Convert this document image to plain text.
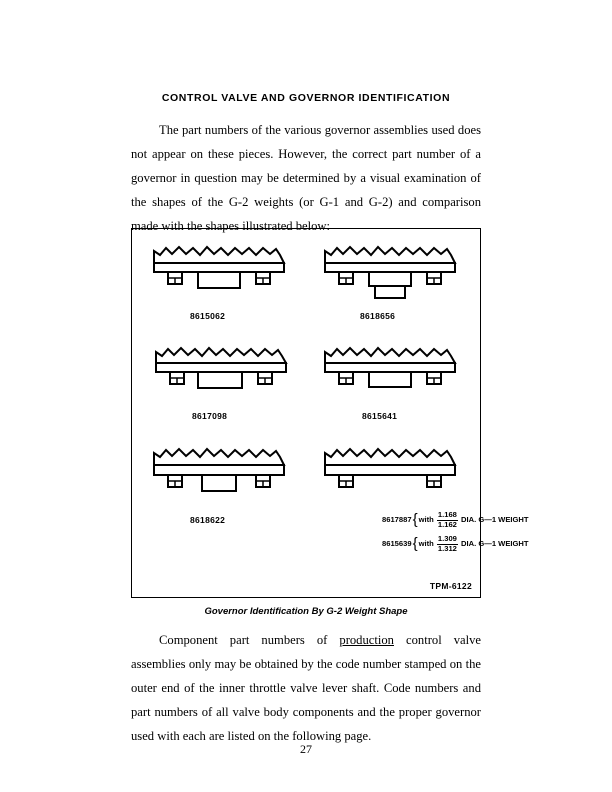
CONTROL VALVE AND GOVERNOR IDENTIFICATION
The part numbers of the various governor assemblies used does not appear on these pieces. However, the correct part number of a governor in question may be determined by a visual examination of the shapes of the G-2 weights (or G-1 and G-2) and comparison made with the shapes illustrated below:
8615062	8618656
8617098	8615641
8618622	8617887 { with $\frac{1.168}{1.162}$ DIA. G—1 WEIGHT
8615639 { with $\frac{1.309}{1.312}$ DIA. G—1 WEIGHT
TPM-6122
Governor Identification By G-2 Weight Shape
Component part numbers of production control valve assemblies only may be obtained by the code number stamped on the outer end of the inner throttle valve lever shaft. Code numbers and part numbers of all valve body components and the proper governor used with each are listed on the following page.
27
